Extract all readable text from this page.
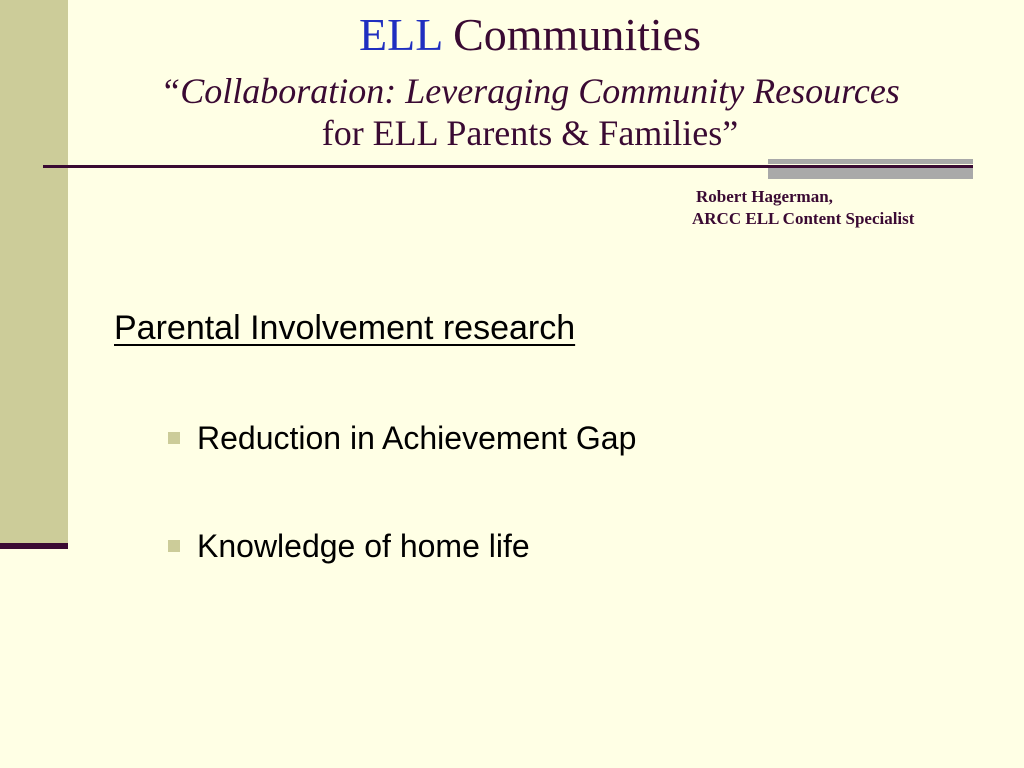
ELL Communities
“Collaboration: Leveraging Community Resources
for ELL Parents & Families”
Robert Hagerman,
ARCC ELL Content Specialist
Parental Involvement research
Reduction in Achievement Gap
Knowledge of home life
